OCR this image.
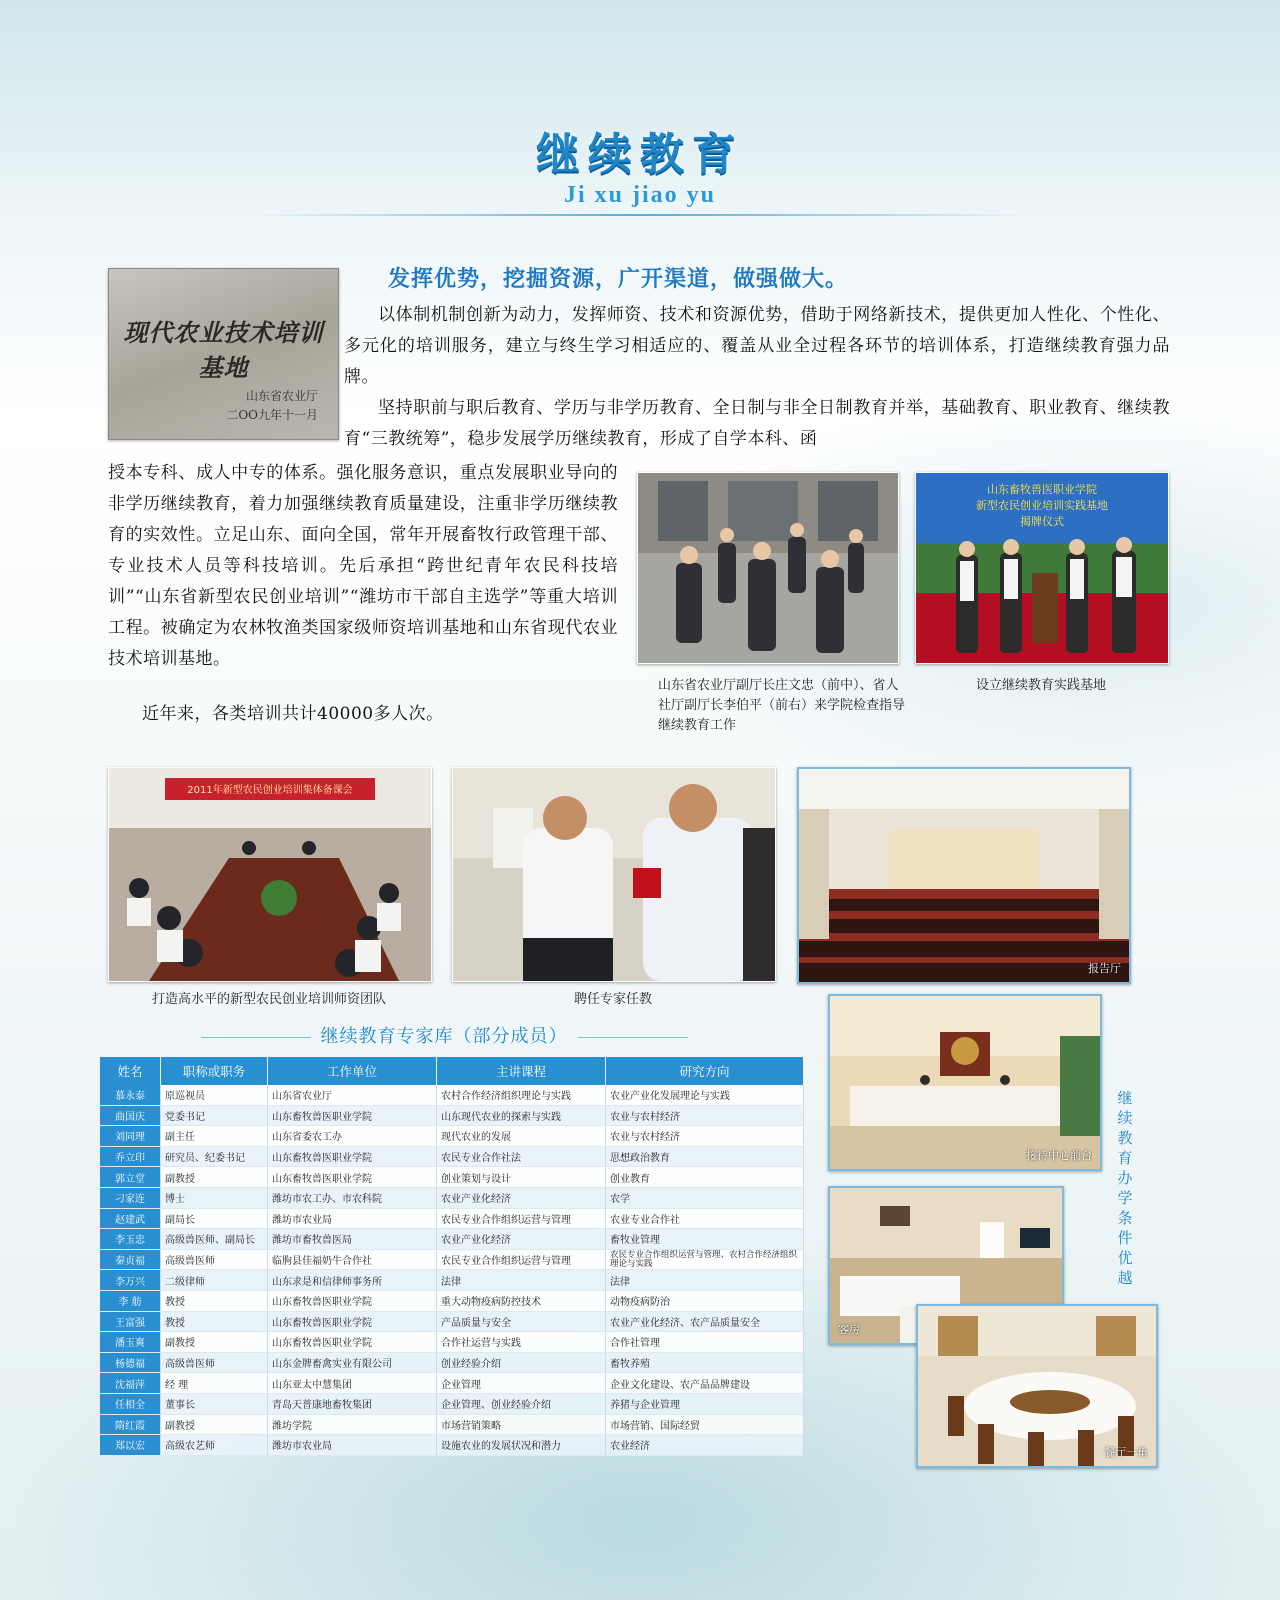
继续教育
Ji xu jiao yu
现代农业技术培训基地
山东省农业厅
二OO九年十一月
发挥优势，挖掘资源，广开渠道，做强做大。

以体制机制创新为动力，发挥师资、技术和资源优势，借助于网络新技术，提供更加人性化、个性化、多元化的培训服务，建立与终生学习相适应的、覆盖从业全过程各环节的培训体系，打造继续教育强力品牌。

坚持职前与职后教育、学历与非学历教育、全日制与非全日制教育并举，基础教育、职业教育、继续教育“三教统筹”，稳步发展学历继续教育，形成了自学本科、函

授本专科、成人中专的体系。强化服务意识，重点发展职业导向的非学历继续教育，着力加强继续教育质量建设，注重非学历继续教育的实效性。立足山东、面向全国，常年开展畜牧行政管理干部、专业技术人员等科技培训。先后承担“跨世纪青年农民科技培训”“山东省新型农民创业培训”“潍坊市干部自主选学”等重大培训工程。被确定为农林牧渔类国家级师资培训基地和山东省现代农业技术培训基地。

近年来，各类培训共计40000多人次。

山东省农业厅副厅长庄文忠（前中）、省人社厅副厅长李伯平（前右）来学院检查指导继续教育工作
山东畜牧兽医职业学院
新型农民创业培训实践基地
揭牌仪式
设立继续教育实践基地
2011年新型农民创业培训集体备课会
打造高水平的新型农民创业培训师资团队	聘任专家任教
报告厅
继续教育专家库（部分成员）
姓名	职称或职务	工作单位	主讲课程	研究方向
慕永泰	原巡视员	山东省农业厅	农村合作经济组织理论与实践	农业产业化发展理论与实践
曲国庆	党委书记	山东畜牧兽医职业学院	山东现代农业的探索与实践	农业与农村经济
刘同理	副主任	山东省委农工办	现代农业的发展	农业与农村经济
乔立印	研究员、纪委书记	山东畜牧兽医职业学院	农民专业合作社法	思想政治教育
郭立堂	副教授	山东畜牧兽医职业学院	创业策划与设计	创业教育
刁家连	博士	潍坊市农工办、市农科院	农业产业化经济	农学
赵建武	副局长	潍坊市农业局	农民专业合作组织运营与管理	农业专业合作社
李玉忠	高级兽医师、副局长	潍坊市畜牧兽医局	农业产业化经济	畜牧业管理
秦贞福	高级兽医师	临朐县佳福奶牛合作社	农民专业合作组织运营与管理	农民专业合作组织运营与管理、农村合作经济组织理论与实践
李万兴	二级律师	山东求是和信律师事务所	法律	法律
李 舫	教授	山东畜牧兽医职业学院	重大动物疫病防控技术	动物疫病防治
王富强	教授	山东畜牧兽医职业学院	产品质量与安全	农业产业化经济、农产品质量安全
潘玉爽	副教授	山东畜牧兽医职业学院	合作社运营与实践	合作社管理
杨德福	高级兽医师	山东金牌畜禽实业有限公司	创业经验介绍	畜牧养殖
沈福萍	经 理	山东亚太中慧集团	企业管理	企业文化建设、农产品品牌建设
任相全	董事长	青岛天普康地畜牧集团	企业管理、创业经验介绍	养猪与企业管理
隋红霞	副教授	潍坊学院	市场营销策略	市场营销、国际经贸
郑以宏	高级农艺师	潍坊市农业局	设施农业的发展状况和潜力	农业经济
接待中心前台
客房
餐厅一角
继续教育办学条件优越
